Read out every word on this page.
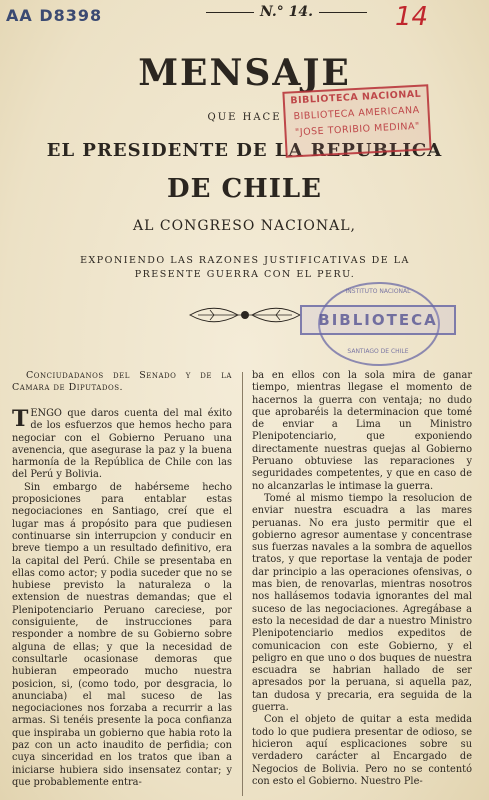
AA D8398	N.° 14.	14
MENSAJE
QUE HACE
EL PRESIDENTE DE LA REPUBLICA
DE CHILE
AL CONGRESO NACIONAL,
EXPONIENDO LAS RAZONES JUSTIFICATIVAS DE LA PRESENTE GUERRA CON EL PERU.
BIBLIOTECA NACIONAL
BIBLIOTECA AMERICANA
"JOSE TORIBIO MEDINA"
INSTITUTO NACIONAL
BIBLIOTECA
SANTIAGO DE CHILE

Conciudadanos del Senado y de la Camara de Diputados.

TENGO que daros cuenta del mal éxito de los esfuerzos que hemos hecho para negociar con el Gobierno Peruano una avenencia, que asegurase la paz y la buena harmonía de la República de Chile con las del Perú y Bolivia.

Sin embargo de habérseme hecho proposiciones para entablar estas negociaciones en Santiago, creí que el lugar mas á propósito para que pudiesen continuarse sin interrupcion y conducir en breve tiempo a un resultado definitivo, era la capital del Perú. Chile se presentaba en ellas como actor; y podia suceder que no se hubiese previsto la naturaleza o la extension de nuestras demandas; que el Plenipotenciario Peruano careciese, por consiguiente, de instrucciones para responder a nombre de su Gobierno sobre alguna de ellas; y que la necesidad de consultarle ocasionase demoras que hubieran empeorado mucho nuestra posicion, si, (como todo, por desgracia, lo anunciaba) el mal suceso de las negociaciones nos forzaba a recurrir a las armas. Si tenéis presente la poca confianza que inspiraba un gobierno que habia roto la paz con un acto inaudito de perfidia; con cuya sinceridad en los tratos que iban a iniciarse hubiera sido insensatez contar; y que probablemente entra-

ba en ellos con la sola mira de ganar tiempo, mientras llegase el momento de hacernos la guerra con ventaja; no dudo que aprobaréis la determinacion que tomé de enviar a Lima un Ministro Plenipotenciario, que exponiendo directamente nuestras quejas al Gobierno Peruano obtuviese las reparaciones y seguridades competentes, y que en caso de no alcanzarlas le intimase la guerra.

Tomé al mismo tiempo la resolucion de enviar nuestra escuadra a las mares peruanas. No era justo permitir que el gobierno agresor aumentase y concentrase sus fuerzas navales a la sombra de aquellos tratos, y que reportase la ventaja de poder dar principio a las operaciones ofensivas, o mas bien, de renovarlas, mientras nosotros nos hallásemos todavia ignorantes del mal suceso de las negociaciones. Agregábase a esto la necesidad de dar a nuestro Ministro Plenipotenciario medios expeditos de comunicacion con este Gobierno, y el peligro en que uno o dos buques de nuestra escuadra se habrian hallado de ser apresados por la peruana, si aquella paz, tan dudosa y precaria, era seguida de la guerra.

Con el objeto de quitar a esta medida todo lo que pudiera presentar de odioso, se hicieron aquí esplicaciones sobre su verdadero carácter al Encargado de Negocios de Bolivia. Pero no se contentó con esto el Gobierno. Nuestro Ple-
